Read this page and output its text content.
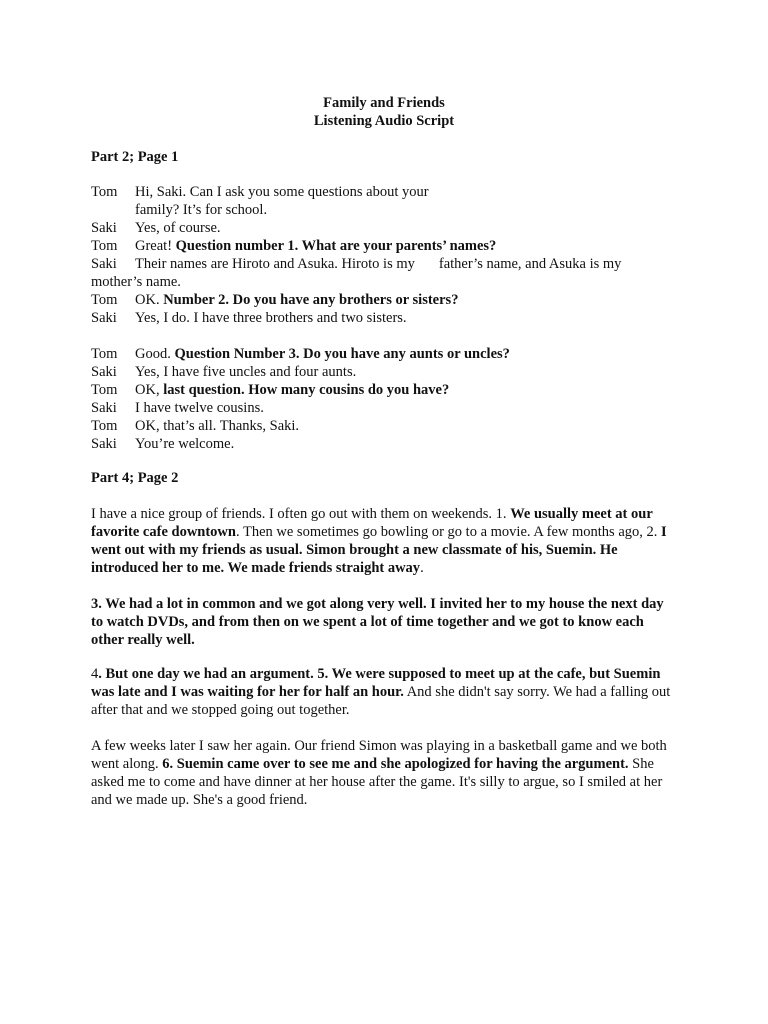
Family and Friends
Listening Audio Script
Part 2; Page 1
Tom	Hi, Saki. Can I ask you some questions about your
family? It’s for school.
Saki	Yes, of course.
Tom	Great! Question number 1. What are your parents’ names?
Saki	Their names are Hiroto and Asuka. Hiroto is my father’s name, and Asuka is my
mother’s name.
Tom	OK. Number 2. Do you have any brothers or sisters?
Saki	Yes, I do. I have three brothers and two sisters.
Tom	Good. Question Number 3. Do you have any aunts or uncles?
Saki	Yes, I have five uncles and four aunts.
Tom	OK, last question. How many cousins do you have?
Saki	I have twelve cousins.
Tom	OK, that’s all. Thanks, Saki.
Saki	You’re welcome.
Part 4; Page 2
I have a nice group of friends. I often go out with them on weekends. 1. We usually meet at our favorite cafe downtown. Then we sometimes go bowling or go to a movie. A few months ago, 2. I went out with my friends as usual. Simon brought a new classmate of his, Suemin. He introduced her to me. We made friends straight away.
3. We had a lot in common and we got along very well. I invited her to my house the next day to watch DVDs, and from then on we spent a lot of time together and we got to know each other really well.
4. But one day we had an argument. 5. We were supposed to meet up at the cafe, but Suemin was late and I was waiting for her for half an hour. And she didn't say sorry. We had a falling out after that and we stopped going out together.
A few weeks later I saw her again. Our friend Simon was playing in a basketball game and we both went along. 6. Suemin came over to see me and she apologized for having the argument. She asked me to come and have dinner at her house after the game. It's silly to argue, so I smiled at her and we made up. She's a good friend.
